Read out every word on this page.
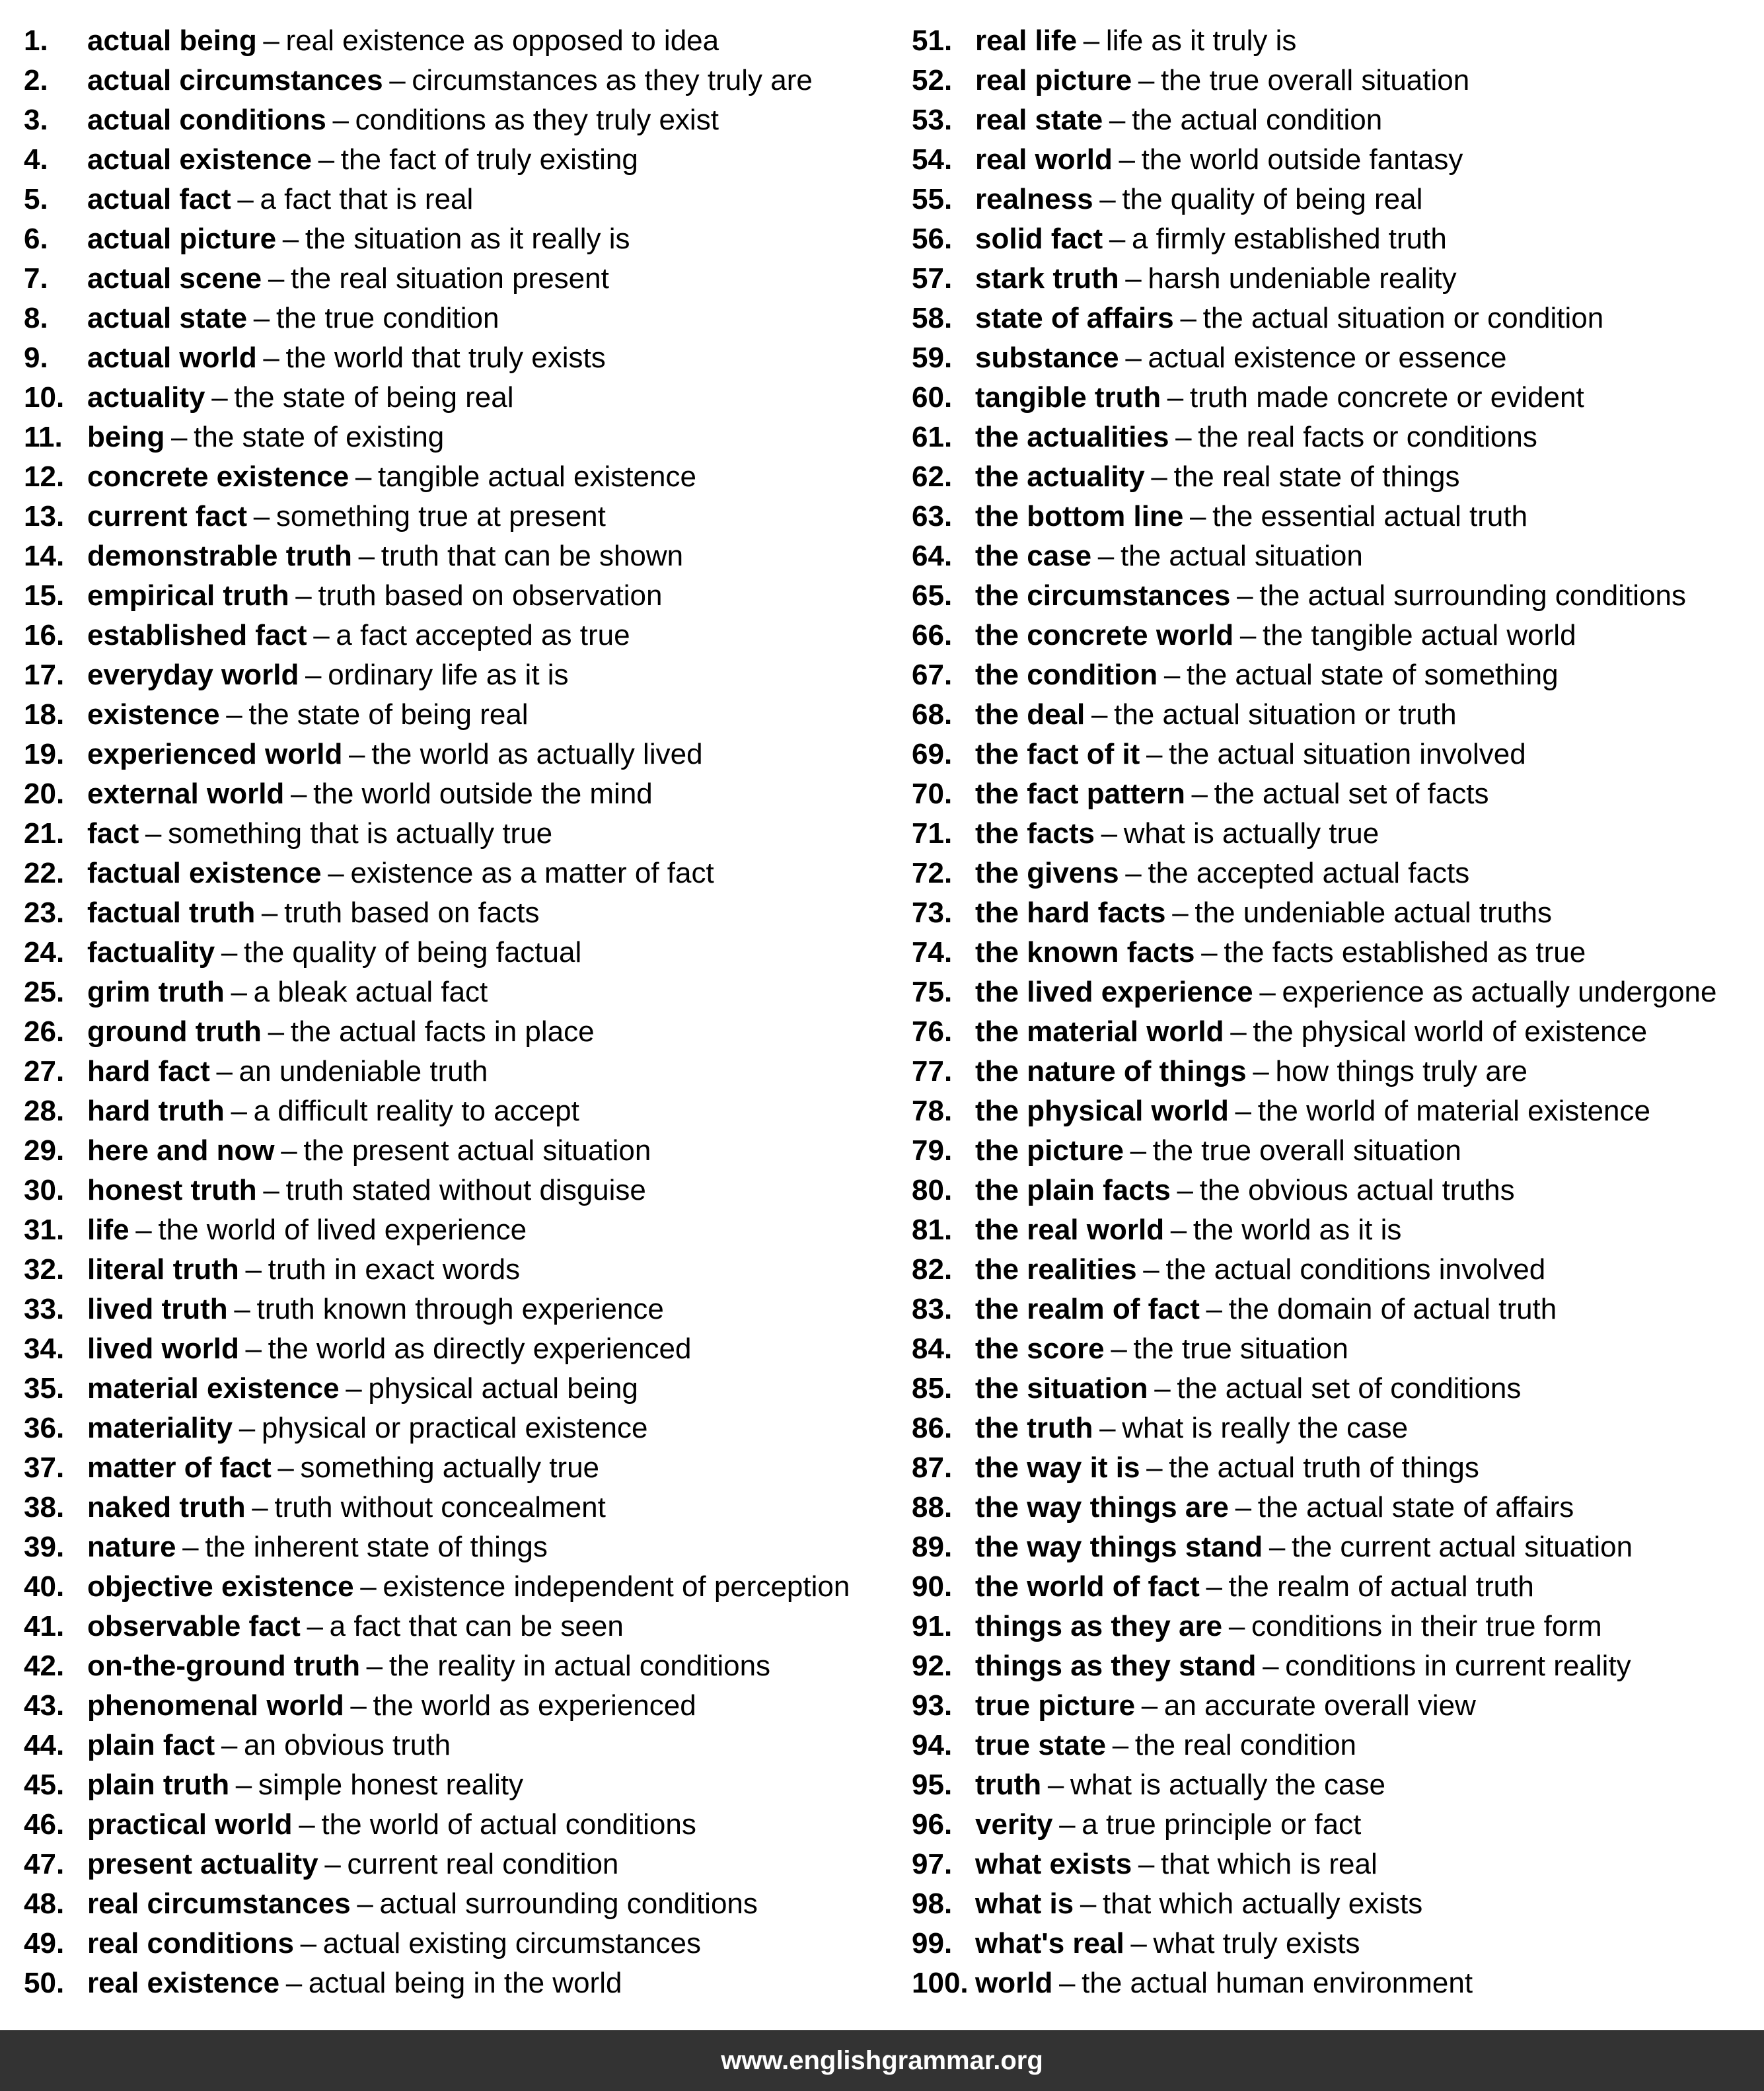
1.	actual being – real existence as opposed to idea
2.	actual circumstances – circumstances as they truly are
3.	actual conditions – conditions as they truly exist
4.	actual existence – the fact of truly existing
5.	actual fact – a fact that is real
6.	actual picture – the situation as it really is
7.	actual scene – the real situation present
8.	actual state – the true condition
9.	actual world – the world that truly exists
10. actuality – the state of being real
11. being – the state of existing
12. concrete existence – tangible actual existence
13. current fact – something true at present
14. demonstrable truth – truth that can be shown
15. empirical truth – truth based on observation
16. established fact – a fact accepted as true
17. everyday world – ordinary life as it is
18. existence – the state of being real
19. experienced world – the world as actually lived
20. external world – the world outside the mind
21. fact – something that is actually true
22. factual existence – existence as a matter of fact
23. factual truth – truth based on facts
24. factuality – the quality of being factual
25. grim truth – a bleak actual fact
26. ground truth – the actual facts in place
27. hard fact – an undeniable truth
28. hard truth – a difficult reality to accept
29. here and now – the present actual situation
30. honest truth – truth stated without disguise
31. life – the world of lived experience
32. literal truth – truth in exact words
33. lived truth – truth known through experience
34. lived world – the world as directly experienced
35. material existence – physical actual being
36. materiality – physical or practical existence
37. matter of fact – something actually true
38. naked truth – truth without concealment
39. nature – the inherent state of things
40. objective existence – existence independent of perception
41. observable fact – a fact that can be seen
42. on-the-ground truth – the reality in actual conditions
43. phenomenal world – the world as experienced
44. plain fact – an obvious truth
45. plain truth – simple honest reality
46. practical world – the world of actual conditions
47. present actuality – current real condition
48. real circumstances – actual surrounding conditions
49. real conditions – actual existing circumstances
50. real existence – actual being in the world
51. real life – life as it truly is
52. real picture – the true overall situation
53. real state – the actual condition
54. real world – the world outside fantasy
55. realness – the quality of being real
56. solid fact – a firmly established truth
57. stark truth – harsh undeniable reality
58. state of affairs – the actual situation or condition
59. substance – actual existence or essence
60. tangible truth – truth made concrete or evident
61. the actualities – the real facts or conditions
62. the actuality – the real state of things
63. the bottom line – the essential actual truth
64. the case – the actual situation
65. the circumstances – the actual surrounding conditions
66. the concrete world – the tangible actual world
67. the condition – the actual state of something
68. the deal – the actual situation or truth
69. the fact of it – the actual situation involved
70. the fact pattern – the actual set of facts
71. the facts – what is actually true
72. the givens – the accepted actual facts
73. the hard facts – the undeniable actual truths
74. the known facts – the facts established as true
75. the lived experience – experience as actually undergone
76. the material world – the physical world of existence
77. the nature of things – how things truly are
78. the physical world – the world of material existence
79. the picture – the true overall situation
80. the plain facts – the obvious actual truths
81. the real world – the world as it is
82. the realities – the actual conditions involved
83. the realm of fact – the domain of actual truth
84. the score – the true situation
85. the situation – the actual set of conditions
86. the truth – what is really the case
87. the way it is – the actual truth of things
88. the way things are – the actual state of affairs
89. the way things stand – the current actual situation
90. the world of fact – the realm of actual truth
91. things as they are – conditions in their true form
92. things as they stand – conditions in current reality
93. true picture – an accurate overall view
94. true state – the real condition
95. truth – what is actually the case
96. verity – a true principle or fact
97. what exists – that which is real
98. what is – that which actually exists
99. what's real – what truly exists
100. world – the actual human environment
www.englishgrammar.org
